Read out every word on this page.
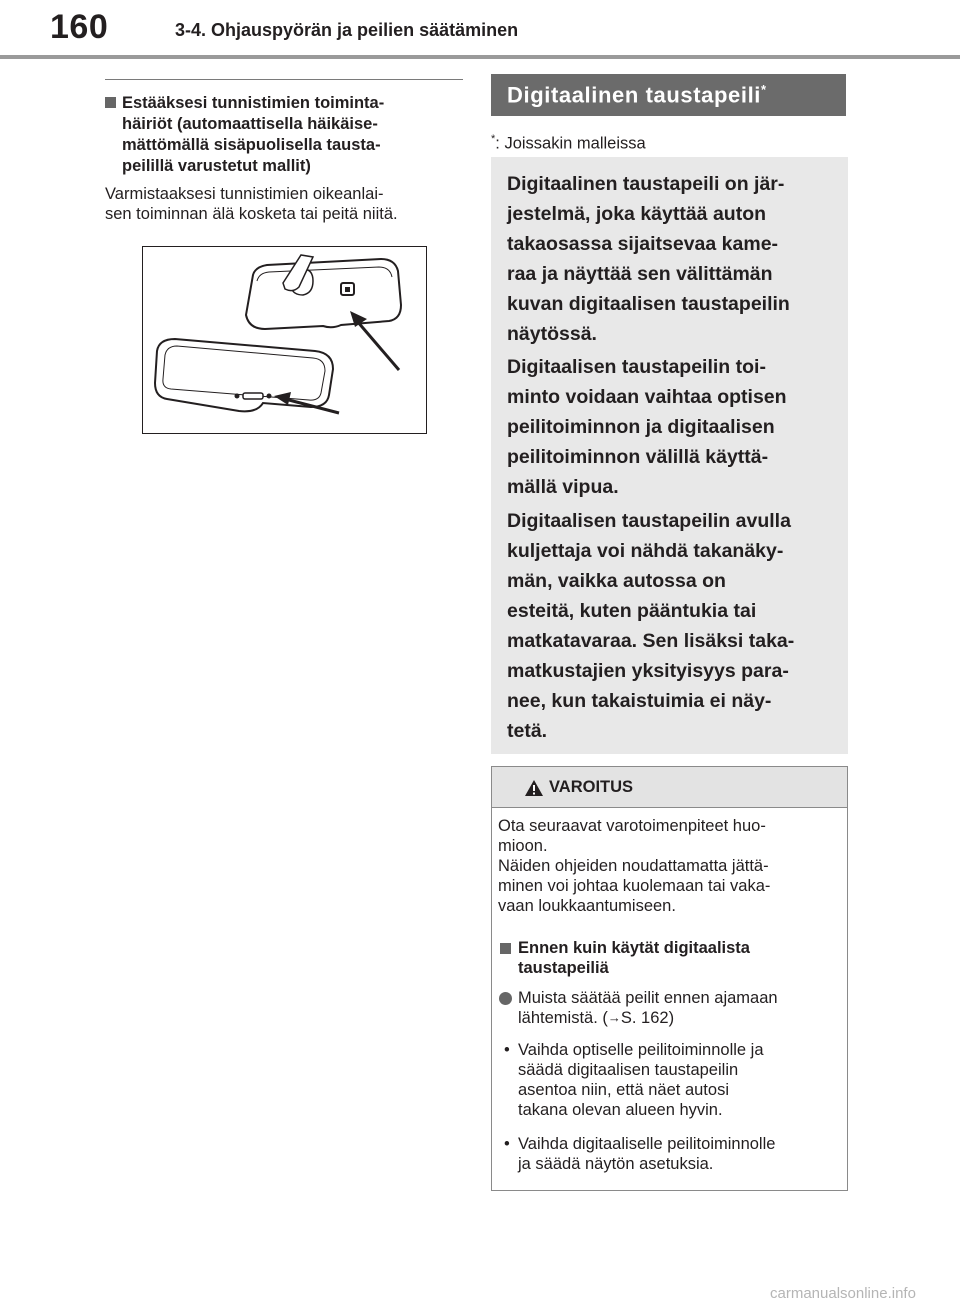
160	3-4. Ohjauspyörän ja peilien säätäminen
Estääksesi tunnistimien toiminta-
häiriöt (automaattisella häikäise-
mättömällä sisäpuolisella tausta-
peilillä varustetut mallit)
Varmistaaksesi tunnistimien oikeanlai-
sen toiminnan älä kosketa tai peitä niitä.
Digitaalinen taustapeili*
*: Joissakin malleissa
Digitaalinen taustapeili on jär-
jestelmä, joka käyttää auton
takaosassa sijaitsevaa kame-
raa ja näyttää sen välittämän
kuvan digitaalisen taustapeilin
näytössä.
Digitaalisen taustapeilin toi-
minto voidaan vaihtaa optisen
peilitoiminnon ja digitaalisen
peilitoiminnon välillä käyttä-
mällä vipua.
Digitaalisen taustapeilin avulla
kuljettaja voi nähdä takanäky-
män, vaikka autossa on
esteitä, kuten pääntukia tai
matkatavaraa. Sen lisäksi taka-
matkustajien yksityisyys para-
nee, kun takaistuimia ei näy-
tetä.
VAROITUS
Ota seuraavat varotoimenpiteet huo-
mioon.
Näiden ohjeiden noudattamatta jättä-
minen voi johtaa kuolemaan tai vaka-
vaan loukkaantumiseen.
Ennen kuin käytät digitaalista
taustapeiliä
Muista säätää peilit ennen ajamaan
lähtemistä. (→S. 162)
• Vaihda optiselle peilitoiminnolle ja
säädä digitaalisen taustapeilin
asentoa niin, että näet autosi
takana olevan alueen hyvin.
• Vaihda digitaaliselle peilitoiminnolle
ja säädä näytön asetuksia.
carmanualsonline.info
